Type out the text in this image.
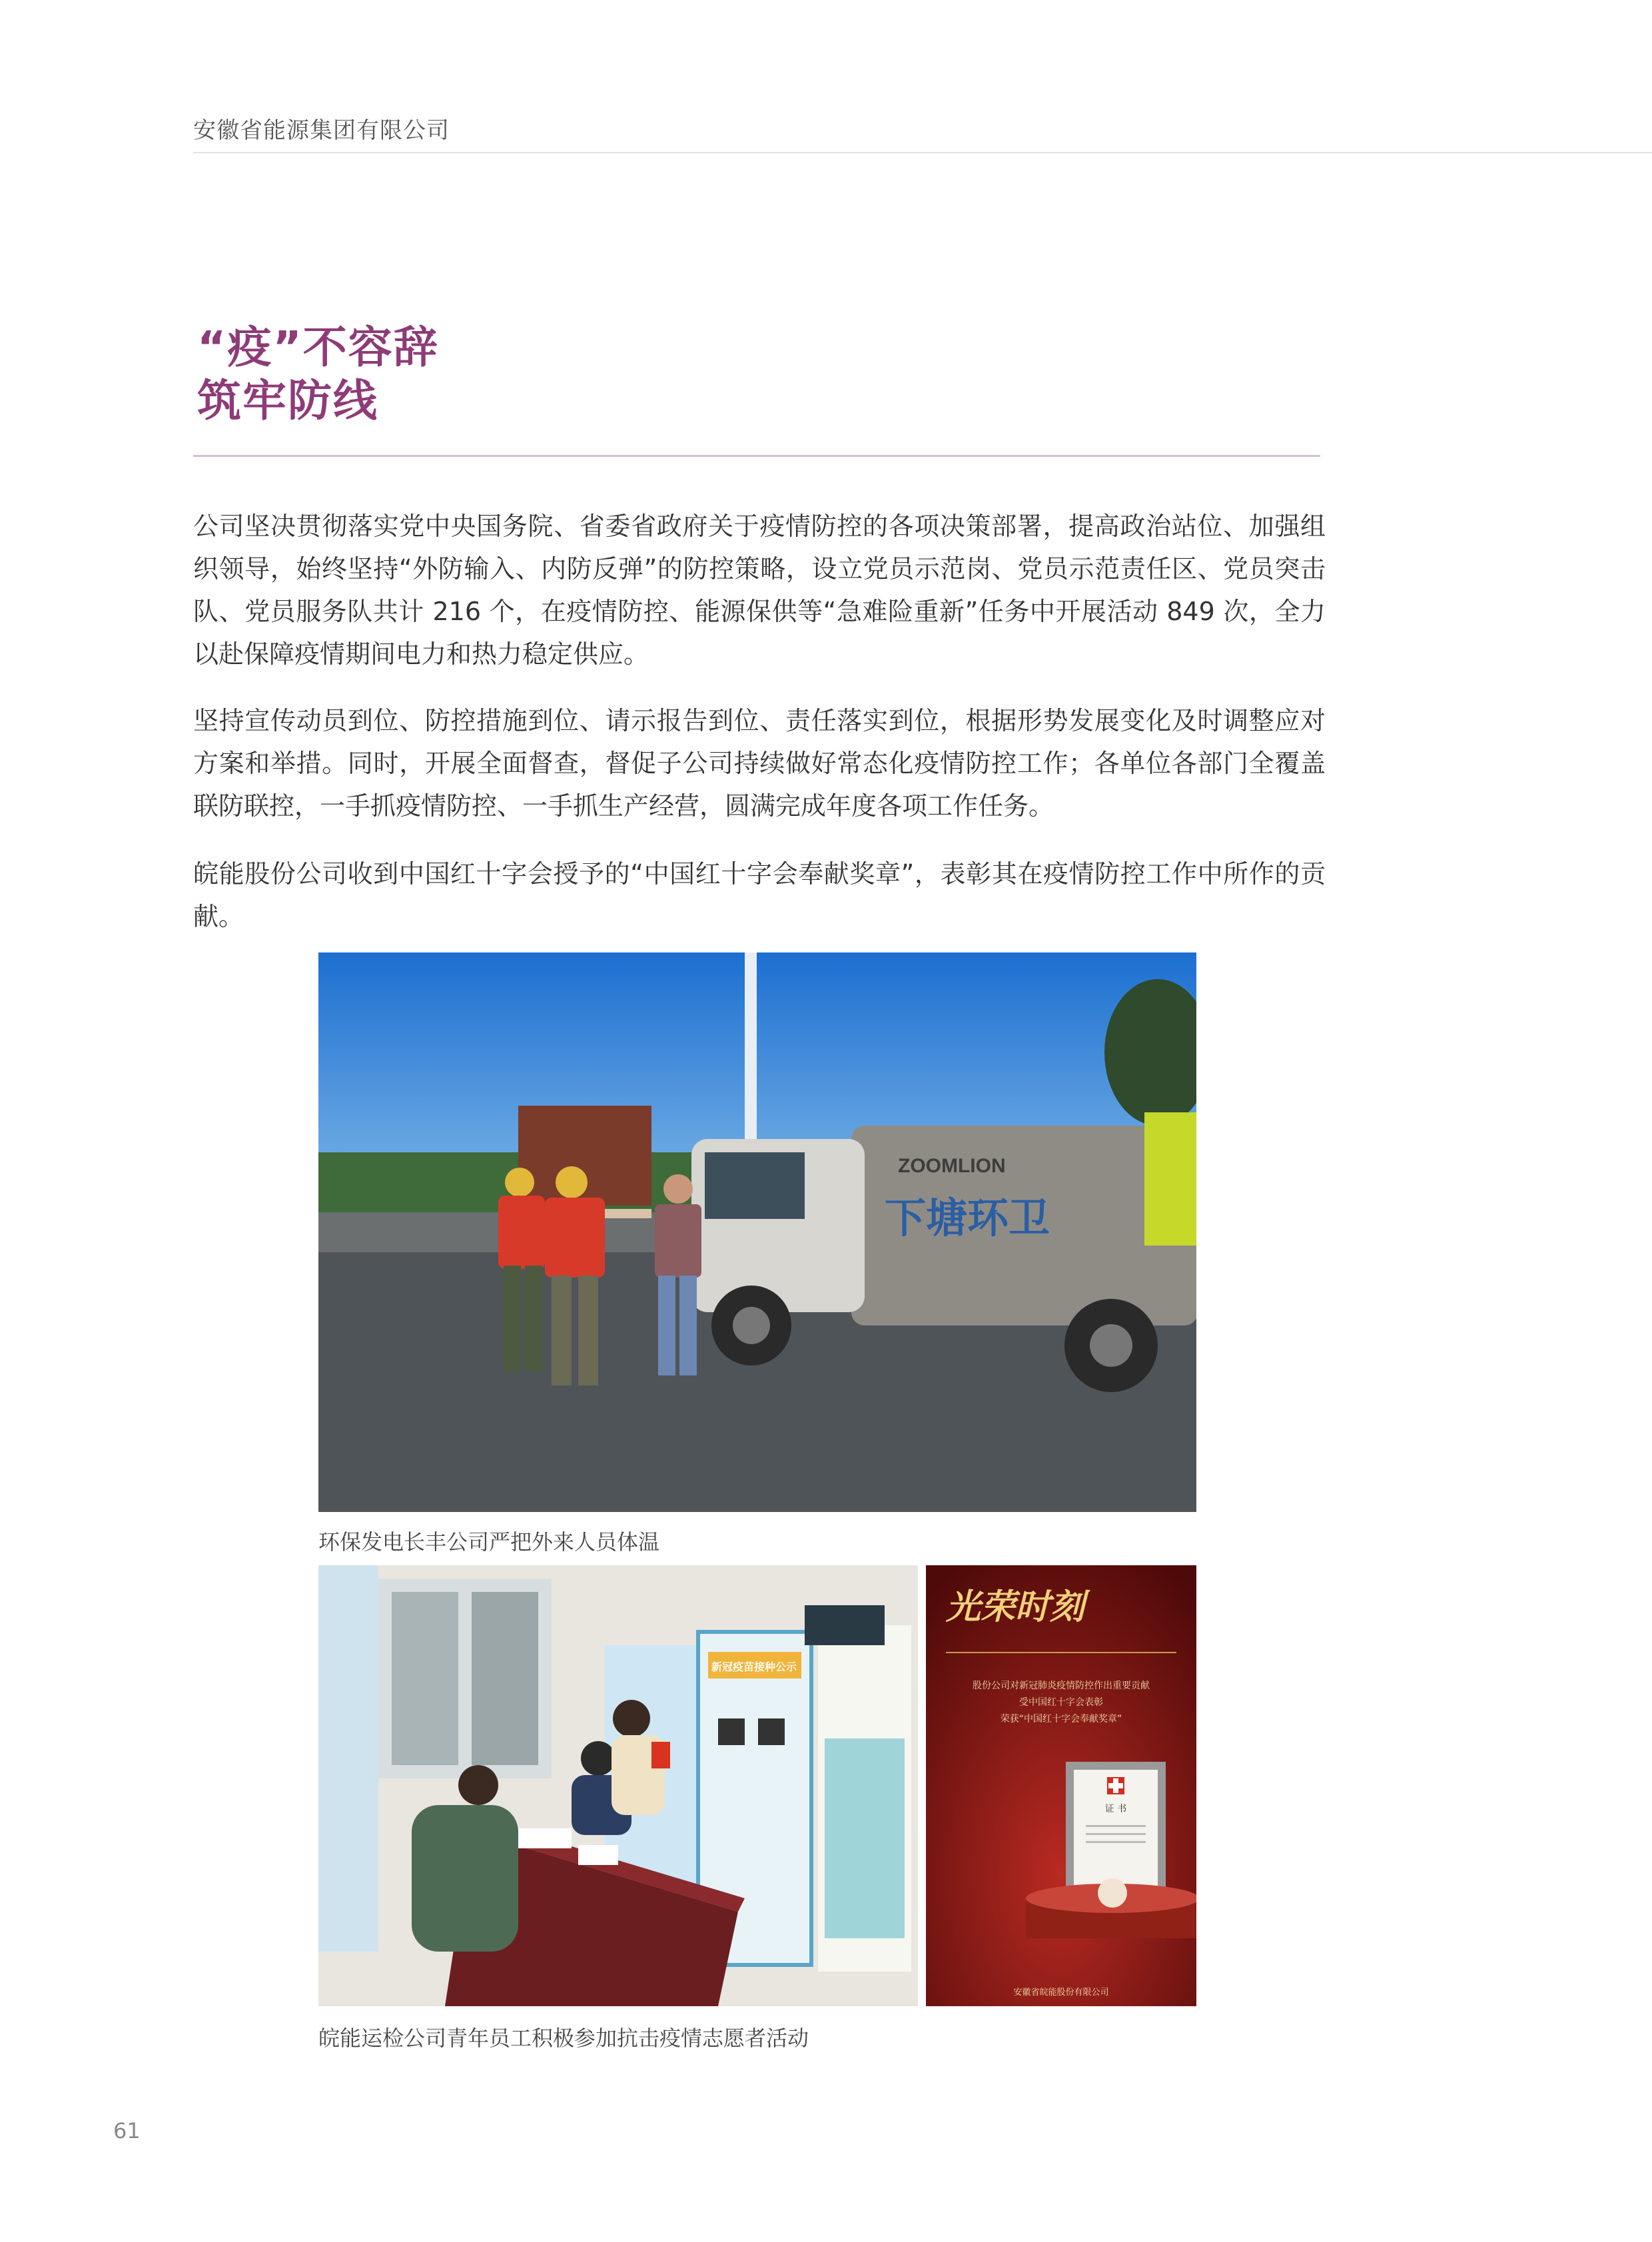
安徽省能源集团有限公司
“疫”不容辞
筑牢防线
公司坚决贯彻落实党中央国务院、省委省政府关于疫情防控的各项决策部署，提高政治站位、加强组织领导，始终坚持“外防输入、内防反弹”的防控策略，设立党员示范岗、党员示范责任区、党员突击队、党员服务队共计 216 个，在疫情防控、能源保供等“急难险重新”任务中开展活动 849 次，全力以赴保障疫情期间电力和热力稳定供应。
坚持宣传动员到位、防控措施到位、请示报告到位、责任落实到位，根据形势发展变化及时调整应对方案和举措。同时，开展全面督查，督促子公司持续做好常态化疫情防控工作；各单位各部门全覆盖联防联控，一手抓疫情防控、一手抓生产经营，圆满完成年度各项工作任务。
皖能股份公司收到中国红十字会授予的“中国红十字会奉献奖章”，表彰其在疫情防控工作中所作的贡献。
ZOOMLION
下塘环卫
环保发电长丰公司严把外来人员体温
新冠疫苗接种公示
光荣时刻
股份公司对新冠肺炎疫情防控作出重要贡献
受中国红十字会表彰
荣获“中国红十字会奉献奖章”
证 书
安徽省皖能股份有限公司
皖能运检公司青年员工积极参加抗击疫情志愿者活动
61
